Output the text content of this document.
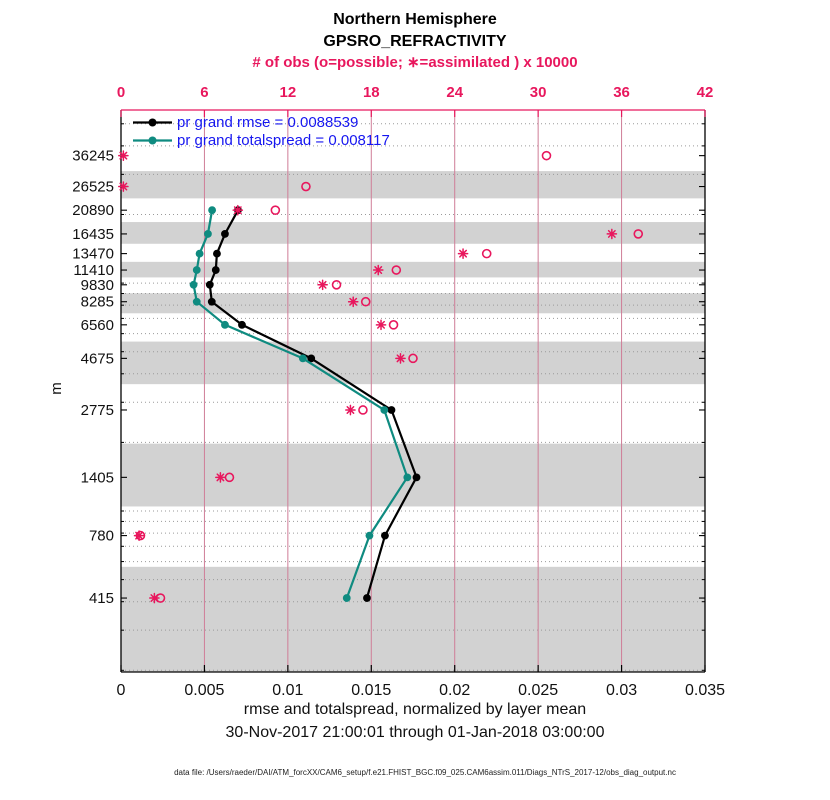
0	0.005	0.01	0.015	0.02	0.025	0.03	0.035
0	6	12	18	24	30	36	42
415
780
1405
2775
4675
6560
8285
9830
11410
13470
16435
20890
26525
36245
Northern Hemisphere
GPSRO_REFRACTIVITY
# of obs (o=possible; ∗=assimilated ) x 10000
pr grand rmse = 0.0088539
pr grand totalspread = 0.008117
m
rmse and totalspread, normalized by layer mean
30-Nov-2017 21:00:01 through 01-Jan-2018 03:00:00
data file: /Users/raeder/DAI/ATM_forcXX/CAM6_setup/f.e21.FHIST_BGC.f09_025.CAM6assim.011/Diags_NTrS_2017-12/obs_diag_output.nc
